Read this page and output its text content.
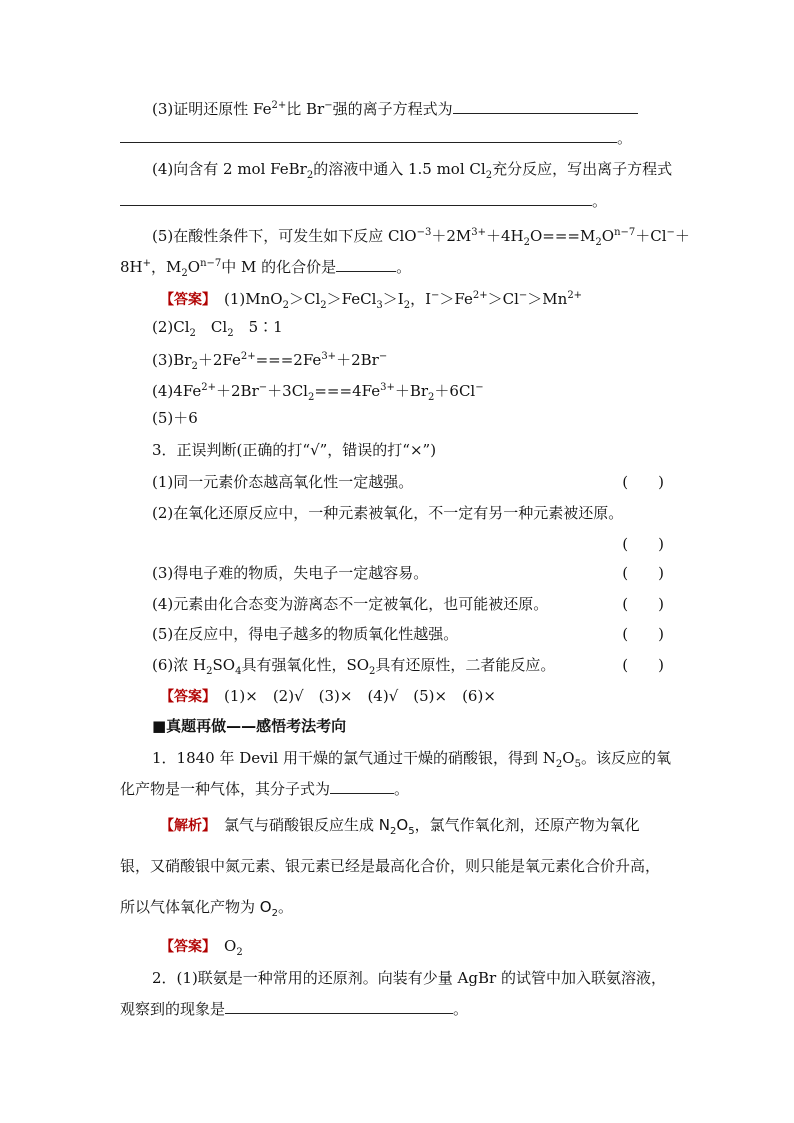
(3)证明还原性 $Fe^{2+}$比 Br−强的离子方程式为
。
(4)向含有 2 mol FeBr$_2$的溶液中通入 1.5 mol $Cl_2$充分反应，写出离子方程式
。
(5)在酸性条件下，可发生如下反应 $ClO^{-3}+2M^{3+}+4H_2O===M_2O^{n-7}+Cl^-+$
8H+，$M_2O^{n-7}$中 M 的化合价是	。
【答案】　 $(1)MnO_2>Cl_2>FeCl_3>I_2$，$I^->Fe^{2+}>Cl^->Mn^{2+}$
$(2)Cl_2$　$Cl_2$　5∶1
$(3)Br_2+2Fe^{2+}===2Fe^{3+}+2Br^-$
$(4)4Fe^{2+}+2Br^-+3Cl_2===4Fe^{3+}+Br_2+6Cl^-$
(5)＋6
3．正误判断(正确的打“√”，错误的打“×”)
(1)同一元素价态越高氧化性一定越强。	(　　)
(2)在氧化还原反应中，一种元素被氧化，不一定有另一种元素被还原。
(　　)
(3)得电子难的物质，失电子一定越容易。	(　　)
(4)元素由化合态变为游离态不一定被氧化，也可能被还原。	(　　)
(5)在反应中，得电子越多的物质氧化性越强。	(　　)
(6)浓 $H_2SO_4$具有强氧化性，$SO_2$具有还原性，二者能反应。	(　　)
【答案】　 (1)×　(2)√　(3)×　(4)√　(5)×　(6)×
■真题再做——感悟考法考向
1．1840 年 Devil 用干燥的氯气通过干燥的硝酸银，得到 $N_2O_5$。该反应的氧
化产物是一种气体，其分子式为	。
【解析】　 氯气与硝酸银反应生成 $N_2O_5$，氯气作氧化剂，还原产物为氧化
银，又硝酸银中氮元素、银元素已经是最高化合价，则只能是氧元素化合价升高，
所以气体氧化产物为 $O_2$。
【答案】　 $O_2$
2．(1)联氨是一种常用的还原剂。向装有少量 AgBr 的试管中加入联氨溶液，
观察到的现象是	。
